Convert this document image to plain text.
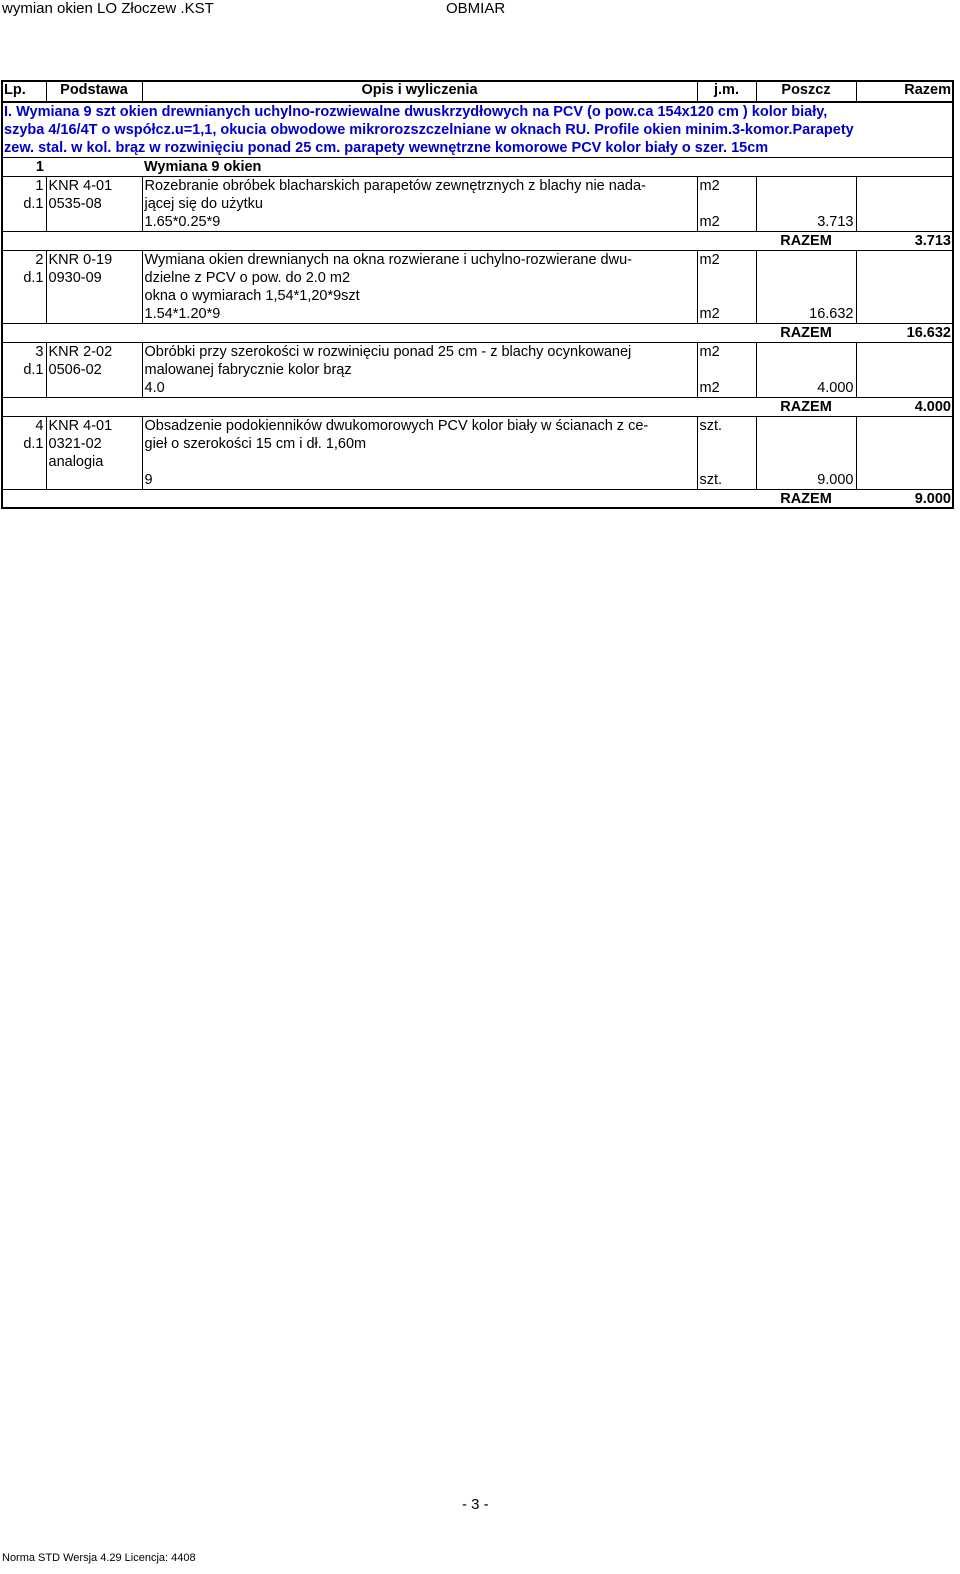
wymian okien LO Złoczew .KST	OBMIAR
Lp.	Podstawa	Opis i wyliczenia	j.m.	Poszcz	Razem
I. Wymiana 9 szt okien drewnianych uchylno-rozwiewalne dwuskrzydłowych na PCV (o pow.ca 154x120 cm ) kolor biały,					
szyba 4/16/4T o współcz.u=1,1, okucia obwodowe mikrorozszczelniane w oknach RU. Profile okien minim.3-komor.Parapety					
zew. stal. w kol. brąz w rozwinięciu ponad 25 cm. parapety wewnętrzne komorowe PCV kolor biały o szer. 15cm					
1		Wymiana 9 okien			
1	KNR 4-01	Rozebranie obróbek blacharskich parapetów zewnętrznych z blachy nie nada-	m2		
d.1	0535-08	jącej się do użytku			
		1.65*0.25*9	m2	3.713	
				RAZEM	3.713
2	KNR 0-19	Wymiana okien drewnianych na okna rozwierane i uchylno-rozwierane dwu-	m2		
d.1	0930-09	dzielne z PCV o pow. do 2.0 m2			
		okna o wymiarach 1,54*1,20*9szt			
		1.54*1.20*9	m2	16.632	
				RAZEM	16.632
3	KNR 2-02	Obróbki przy szerokości w rozwinięciu ponad 25 cm - z blachy ocynkowanej	m2		
d.1	0506-02	malowanej fabrycznie kolor brąz			
		4.0	m2	4.000	
				RAZEM	4.000
4	KNR 4-01	Obsadzenie podokienników dwukomorowych PCV kolor biały w ścianach z ce-	szt.		
d.1	0321-02	gieł o szerokości 15 cm i dł. 1,60m			
	analogia				
		9	szt.	9.000	
				RAZEM	9.000
- 3 -
Norma STD Wersja 4.29 Licencja: 4408
